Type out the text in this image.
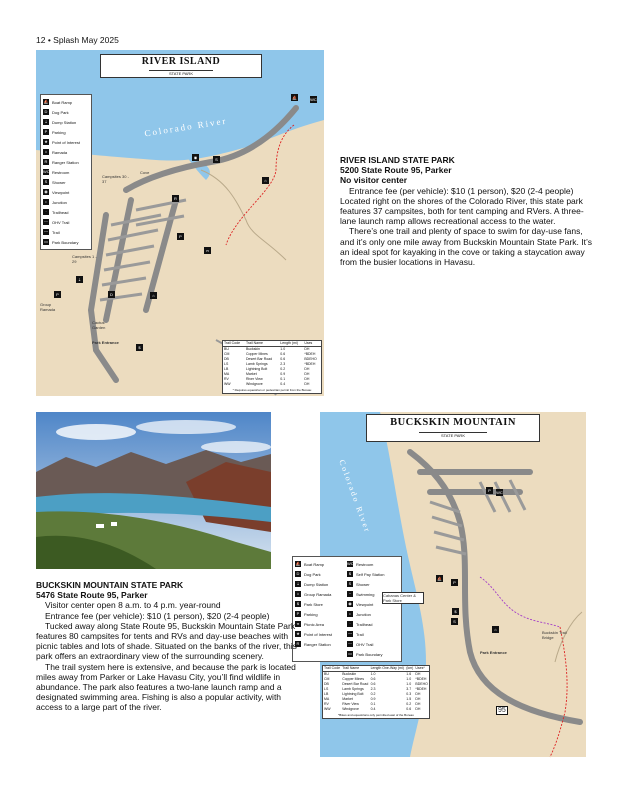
12 • Splash May 2025
RIVER ISLAND
STATE PARK
Colorado River
⛵ Boat Ramp
D	Dog Park
⇣	Dump Station
P	Parking
★	Point of Interest
⌂	Ramada
R	Ranger Station
WC Restroom
S	Shower
◉	Viewpoint
•	Junction
·	Trailhead
〰 OHV Trail
⁓ Trail
▭ Park Boundary
Campsites 30 - 37
Campsites 1 - 29
Group Ramada
Cactus Garden
Park Entrance
Cove
⛵	WC
◉	S
⌂
R
P
π
⇣
P	D	⌂
$
Trail Code	Trail Name	Length (mi)	Uses
BU	Buckskin	1.0	DH
CM	Copper Mines	0.6	*BDEH
DB	Desert Bar Road	0.6	BDEHO
LS	Lamb Springs	2.3	*BDEH
LB	Lightning Bolt	0.2	DH
MA	Market	0.9	DH
RV	River View	0.1	DH
WW	Windgrove	0.4	DH
* Requires equestrian or pedestrian permit from the Bureau
RIVER ISLAND STATE PARK
5200 State Route 95, Parker
No visitor center

Entrance fee (per vehicle): $10 (1 person), $20 (2-4 people) Located right on the shores of the Colorado River, this state park features 37 campsites, both for tent camping and RVers. A three-lane launch ramp allows recreational access to the water.

There’s one trail and plenty of space to swim for day-use fans, and it’s only one mile away from Buckskin Mountain State Park. It’s an ideal spot for kayaking in the cove or taking a staycation away from the busier locations in Havasu.

BUCKSKIN MOUNTAIN
STATE PARK
Colorado River
⛵ Boat Ramp
D	Dog Park
⇣	Dump Station
⌂	Group Ramada
$	Park Store
P	Parking
π	Picnic Area
★	Point of Interest
R	Ranger Station
WC Restroom
$	Self Pay Station
S	Shower
~	Swimming
◉	Viewpoint
•	Junction
·	Trailhead
⁓ Trail
〰 OHV Trail
▭ Park Boundary
Buckskin Trail Bridge
Park Entrance
Cabanas Center & Park Store
95
P	WC
⛵
P
$
S
⌂
Trail Code	Trail Name	Length One-Way (mi)	(km)	Uses*
BU	Buckskin	1.0	1.6	DH
CM	Copper Mines	0.6	1.0	*BDEH
DB	Desert Bar Road	0.6	1.0	BDEHO
LS	Lamb Springs	2.3	3.7	*BDEH
LB	Lightning Bolt	0.2	0.3	DH
MA	Market	0.9	1.5	DH
RV	River View	0.1	0.2	DH
WW	Windgrove	0.4	0.6	DH
*Bikes and equestrians only permitted east of the Bureau
BUCKSKIN MOUNTAIN STATE PARK
5476 State Route 95, Parker

Visitor center open 8 a.m. to 4 p.m. year-round

Entrance fee (per vehicle): $10 (1 person), $20 (2-4 people)

Tucked away along State Route 95, Buckskin Mountain State Park features 80 campsites for tents and RVs and day-use beaches with picnic tables and lots of shade. Situated on the banks of the river, this park offers an extraordinary view of the surrounding scenery.

The trail system here is extensive, and because the park is located miles away from Parker or Lake Havasu City, you’ll find wildlife in abundance. The park also features a two-lane launch ramp and a designated swimming area. Fishing is also a popular activity, with access to a large part of the river.
